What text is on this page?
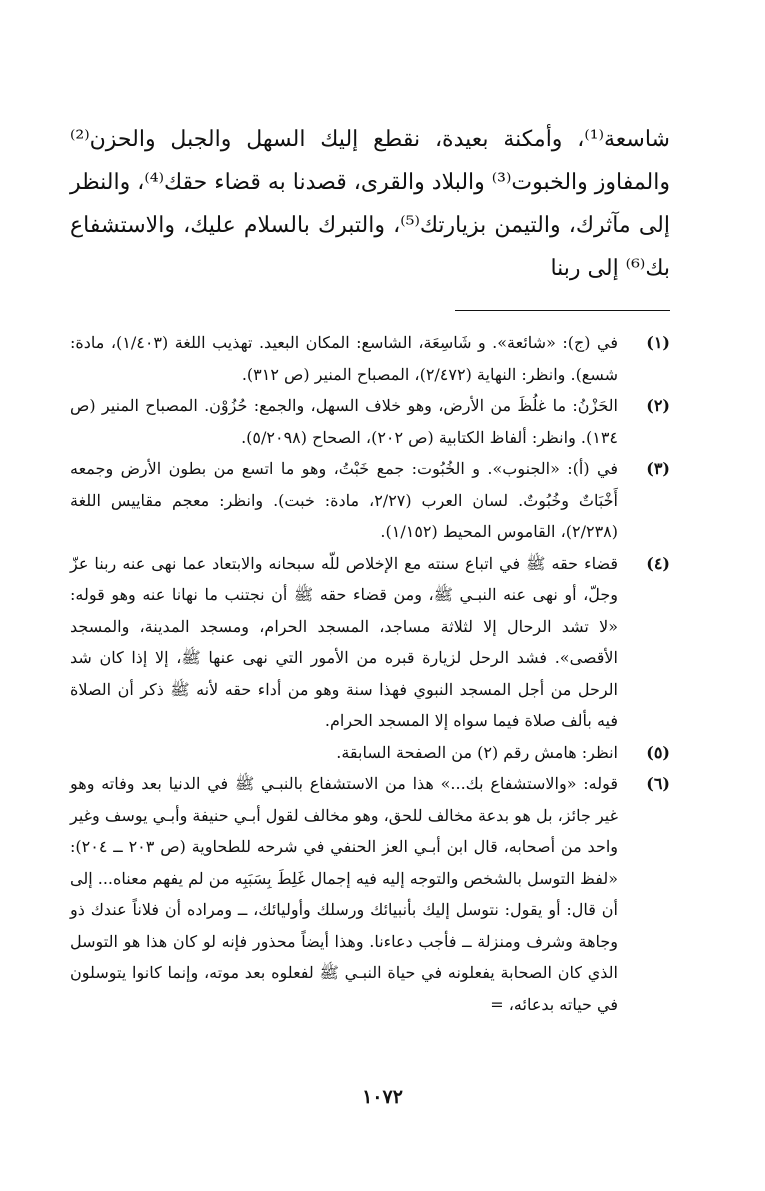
شاسعة⁽¹⁾، وأمكنة بعيدة، نقطع إليك السهل والجبل والحزن⁽²⁾ والمفاوز والخبوت⁽³⁾ والبلاد والقرى، قصدنا به قضاء حقك⁽⁴⁾، والنظر إلى مآثرك، والتيمن بزيارتك⁽⁵⁾، والتبرك بالسلام عليك، والاستشفاع بك⁽⁶⁾ إلى ربنا

(١)
في (ج): «شائعة». و شَاسِعَة، الشاسع: المكان البعيد. تهذيب اللغة (١/٤٠٣)، مادة: شسع). وانظر: النهاية (٢/٤٧٢)، المصباح المنير (ص ٣١٢).
(٢)
الحَزْنُ: ما غلُظَ من الأرض، وهو خلاف السهل، والجمع: حُزُوْن. المصباح المنير (ص ١٣٤). وانظر: ألفاظ الكتابية (ص ٢٠٢)، الصحاح (٥/٢٠٩٨).
(٣)
في (أ): «الجنوب». و الخُبُوت: جمع خَبْتُ، وهو ما اتسع من بطون الأرض وجمعه أَخْبَاتٌ وخُبُوتٌ. لسان العرب (٢/٢٧، مادة: خبت). وانظر: معجم مقاييس اللغة (٢/٢٣٨)، القاموس المحيط (١/١٥٢).
(٤)
قضاء حقه ﷺ في اتباع سنته مع الإخلاص للّه سبحانه والابتعاد عما نهى عنه ربنا عزّ وجلّ، أو نهى عنه النبـي ﷺ، ومن قضاء حقه ﷺ أن نجتنب ما نهانا عنه وهو قوله: «لا تشد الرحال إلا لثلاثة مساجد، المسجد الحرام، ومسجد المدينة، والمسجد الأقصى». فشد الرحل لزيارة قبره من الأمور التي نهى عنها ﷺ، إلا إذا كان شد الرحل من أجل المسجد النبوي فهذا سنة وهو من أداء حقه لأنه ﷺ ذكر أن الصلاة فيه بألف صلاة فيما سواه إلا المسجد الحرام.
(٥)
انظر: هامش رقم (٢) من الصفحة السابقة.
(٦)
قوله: «والاستشفاع بك...» هذا من الاستشفاع بالنبـي ﷺ في الدنيا بعد وفاته وهو غير جائز، بل هو بدعة مخالف للحق، وهو مخالف لقول أبـي حنيفة وأبـي يوسف وغير واحد من أصحابه، قال ابن أبـي العز الحنفي في شرحه للطحاوية (ص ٢٠٣ ــ ٢٠٤): «لفظ التوسل بالشخص والتوجه إليه فيه إجمال غَلِطَ بِسَبَبِه من لم يفهم معناه... إلى أن قال: أو يقول: نتوسل إليك بأنبيائك ورسلك وأوليائك، ــ ومراده أن فلاناً عندك ذو وجاهة وشرف ومنزلة ــ فأجب دعاءنا. وهذا أيضاً محذور فإنه لو كان هذا هو التوسل الذي كان الصحابة يفعلونه في حياة النبـي ﷺ لفعلوه بعد موته، وإنما كانوا يتوسلون في حياته بدعائه، =
١٠٧٢
